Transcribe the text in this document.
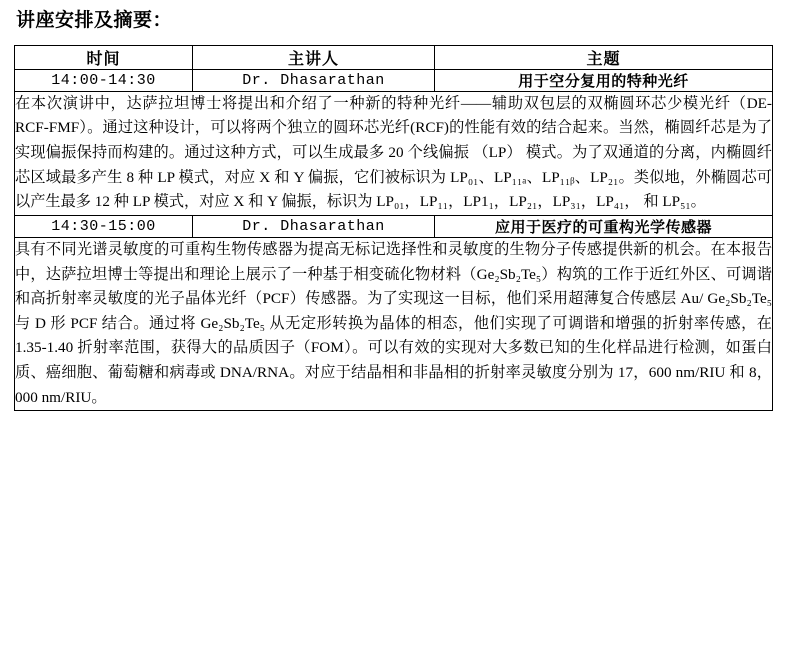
讲座安排及摘要：
时间	主讲人	主题
14:00-14:30	Dr. Dhasarathan	用于空分复用的特种光纤
在本次演讲中，达萨拉坦博士将提出和介绍了一种新的特种光纤——辅助双包层的双椭圆环芯少模光纤（DE-RCF-FMF）。通过这种设计，可以将两个独立的圆环芯光纤(RCF)的性能有效的结合起来。当然，椭圆纤芯是为了实现偏振保持而构建的。通过这种方式，可以生成最多 20 个线偏振 （LP） 模式。为了双通道的分离，内椭圆纤芯区域最多产生 8 种 LP 模式，对应 X 和 Y 偏振，它们被标识为 LP₀₁、LP₁₁ₐ、LP₁₁ᵦ、LP₂₁。类似地，外椭圆芯可以产生最多 12 种 LP 模式，对应 X 和 Y 偏振，标识为 LP₀₁，LP₁₁，LP1₁，LP₂₁，LP₃₁，LP₄₁， 和 LP₅₁。		
14:30-15:00	Dr. Dhasarathan	应用于医疗的可重构光学传感器
具有不同光谱灵敏度的可重构生物传感器为提高无标记选择性和灵敏度的生物分子传感提供新的机会。在本报告中，达萨拉坦博士等提出和理论上展示了一种基于相变硫化物材料（Ge₂Sb₂Te₅）构筑的工作于近红外区、可调谐和高折射率灵敏度的光子晶体光纤（PCF）传感器。为了实现这一目标，他们采用超薄复合传感层 Au/ Ge₂Sb₂Te₅ 与 D 形 PCF 结合。通过将 Ge₂Sb₂Te₅ 从无定形转换为晶体的相态，他们实现了可调谐和增强的折射率传感，在 1.35-1.40 折射率范围，获得大的品质因子（FOM）。可以有效的实现对大多数已知的生化样品进行检测，如蛋白质、癌细胞、葡萄糖和病毒或 DNA/RNA。对应于结晶相和非晶相的折射率灵敏度分别为 17，600 nm/RIU 和 8，000 nm/RIU。		
